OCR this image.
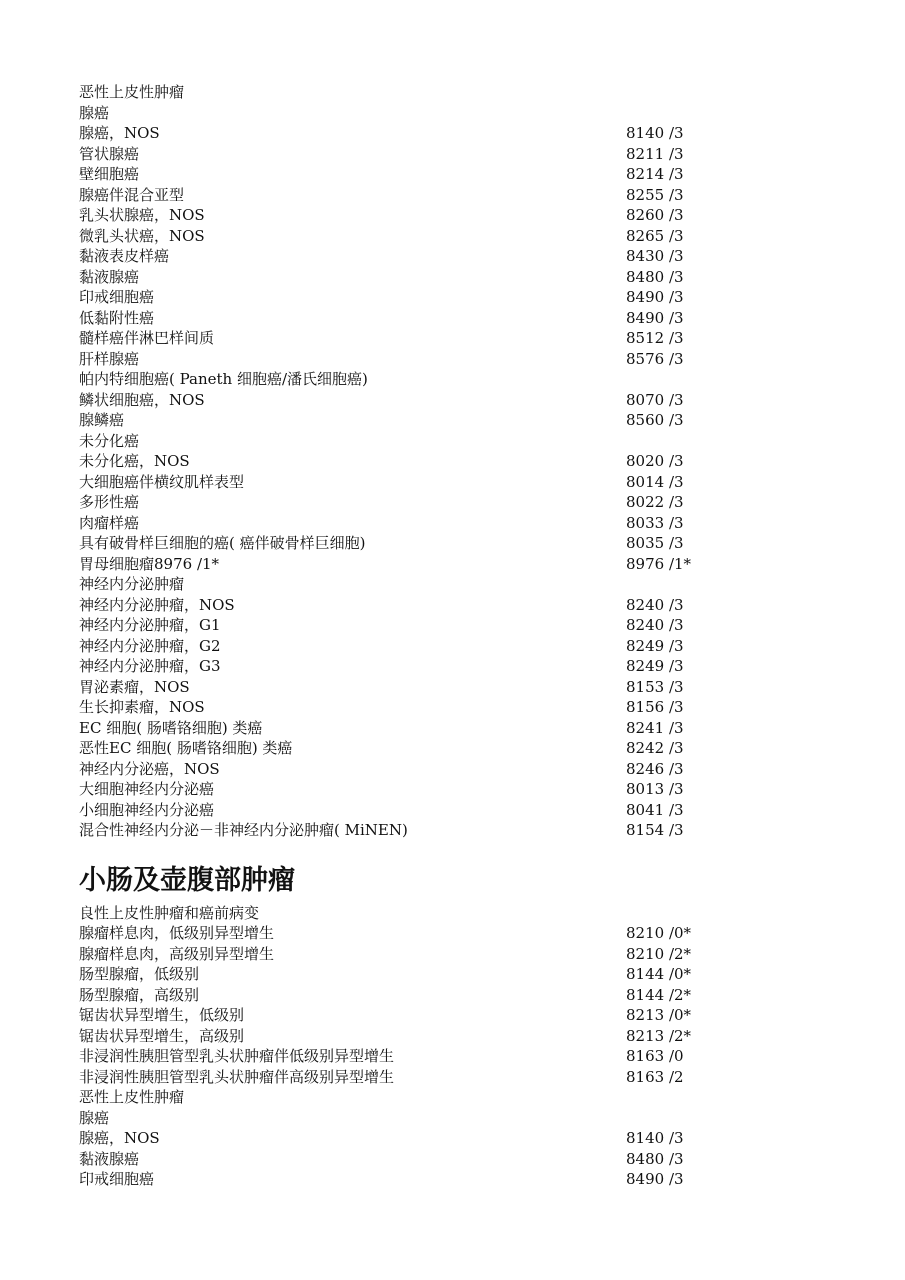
恶性上皮性肿瘤
腺癌
腺癌，NOS	8140 /3
管状腺癌	8211 /3
壁细胞癌	8214 /3
腺癌伴混合亚型	8255 /3
乳头状腺癌，NOS	8260 /3
微乳头状癌，NOS	8265 /3
黏液表皮样癌	8430 /3
黏液腺癌	8480 /3
印戒细胞癌	8490 /3
低黏附性癌	8490 /3
髓样癌伴淋巴样间质	8512 /3
肝样腺癌	8576 /3
帕内特细胞癌( Paneth 细胞癌/潘氏细胞癌)
鳞状细胞癌，NOS	8070 /3
腺鳞癌	8560 /3
未分化癌
未分化癌，NOS	8020 /3
大细胞癌伴横纹肌样表型	8014 /3
多形性癌	8022 /3
肉瘤样癌	8033 /3
具有破骨样巨细胞的癌( 癌伴破骨样巨细胞)	8035 /3
胃母细胞瘤8976 /1*	8976 /1*
神经内分泌肿瘤
神经内分泌肿瘤，NOS	8240 /3
神经内分泌肿瘤，G1	8240 /3
神经内分泌肿瘤，G2	8249 /3
神经内分泌肿瘤，G3	8249 /3
胃泌素瘤，NOS	8153 /3
生长抑素瘤，NOS	8156 /3
EC 细胞( 肠嗜铬细胞) 类癌	8241 /3
恶性EC 细胞( 肠嗜铬细胞) 类癌	8242 /3
神经内分泌癌，NOS	8246 /3
大细胞神经内分泌癌	8013 /3
小细胞神经内分泌癌	8041 /3
混合性神经内分泌－非神经内分泌肿瘤( MiNEN)	8154 /3
小肠及壶腹部肿瘤
良性上皮性肿瘤和癌前病变
腺瘤样息肉，低级别异型增生	8210 /0*
腺瘤样息肉，高级别异型增生	8210 /2*
肠型腺瘤，低级别	8144 /0*
肠型腺瘤，高级别	8144 /2*
锯齿状异型增生，低级别	8213 /0*
锯齿状异型增生，高级别	8213 /2*
非浸润性胰胆管型乳头状肿瘤伴低级别异型增生	8163 /0
非浸润性胰胆管型乳头状肿瘤伴高级别异型增生	8163 /2
恶性上皮性肿瘤
腺癌
腺癌，NOS	8140 /3
黏液腺癌	8480 /3
印戒细胞癌	8490 /3
